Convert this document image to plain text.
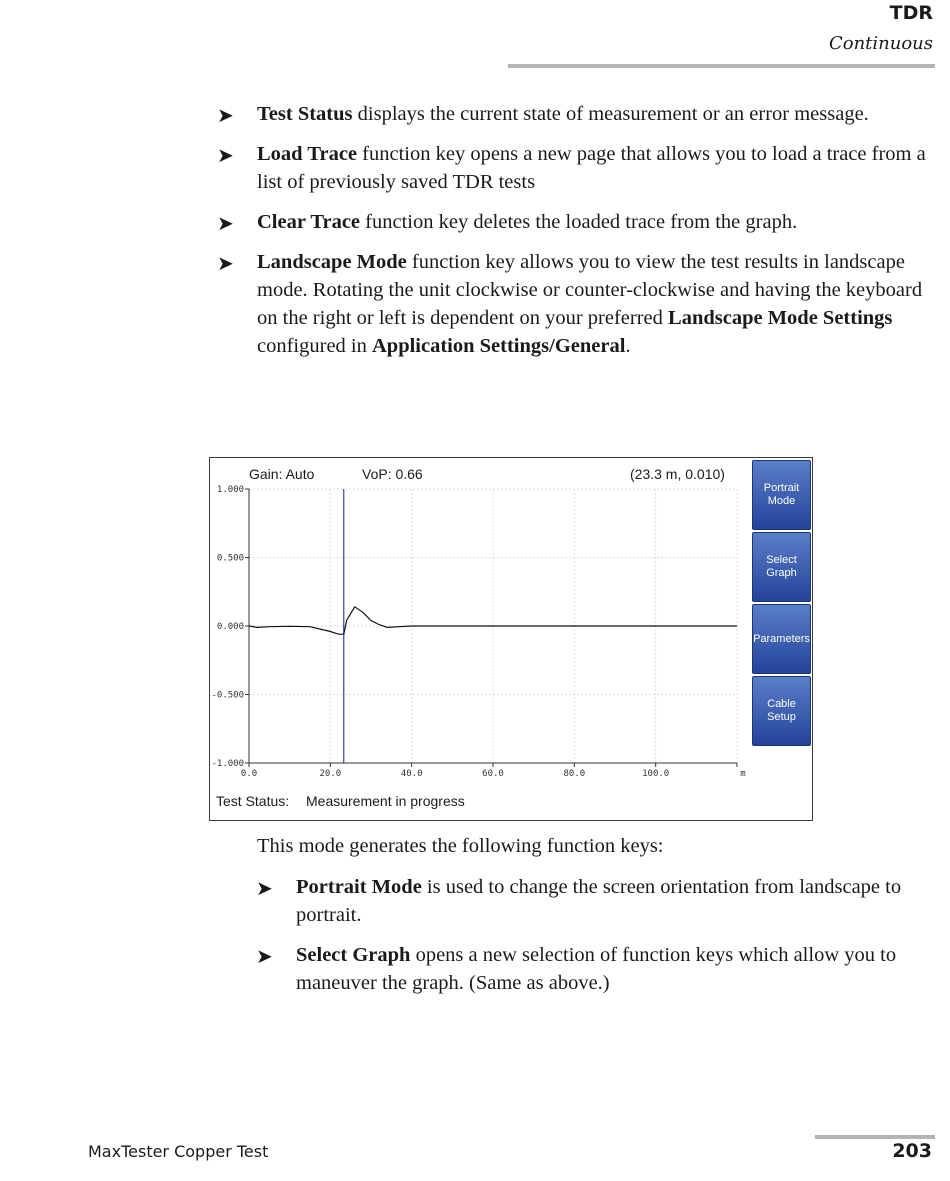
TDR
Continuous
➤ Test Status displays the current state of measurement or an error message.
➤ Load Trace function key opens a new page that allows you to load a trace from a list of previously saved TDR tests
➤ Clear Trace function key deletes the loaded trace from the graph.
➤ Landscape Mode function key allows you to view the test results in landscape mode. Rotating the unit clockwise or counter-clockwise and having the keyboard on the right or left is dependent on your preferred Landscape Mode Settings configured in Application Settings/General.
Gain: Auto	VoP: 0.66	(23.3 m, 0.010)
1.000
0.500
0.000
-0.500
-1.000
0.0	20.0	40.0	60.0	80.0	100.0	m
Portrait Mode
Select Graph
Parameters
Cable Setup
Test Status: Measurement in progress
This mode generates the following function keys:
➤ Portrait Mode is used to change the screen orientation from landscape to portrait.
➤ Select Graph opens a new selection of function keys which allow you to maneuver the graph. (Same as above.)
MaxTester Copper Test	203
